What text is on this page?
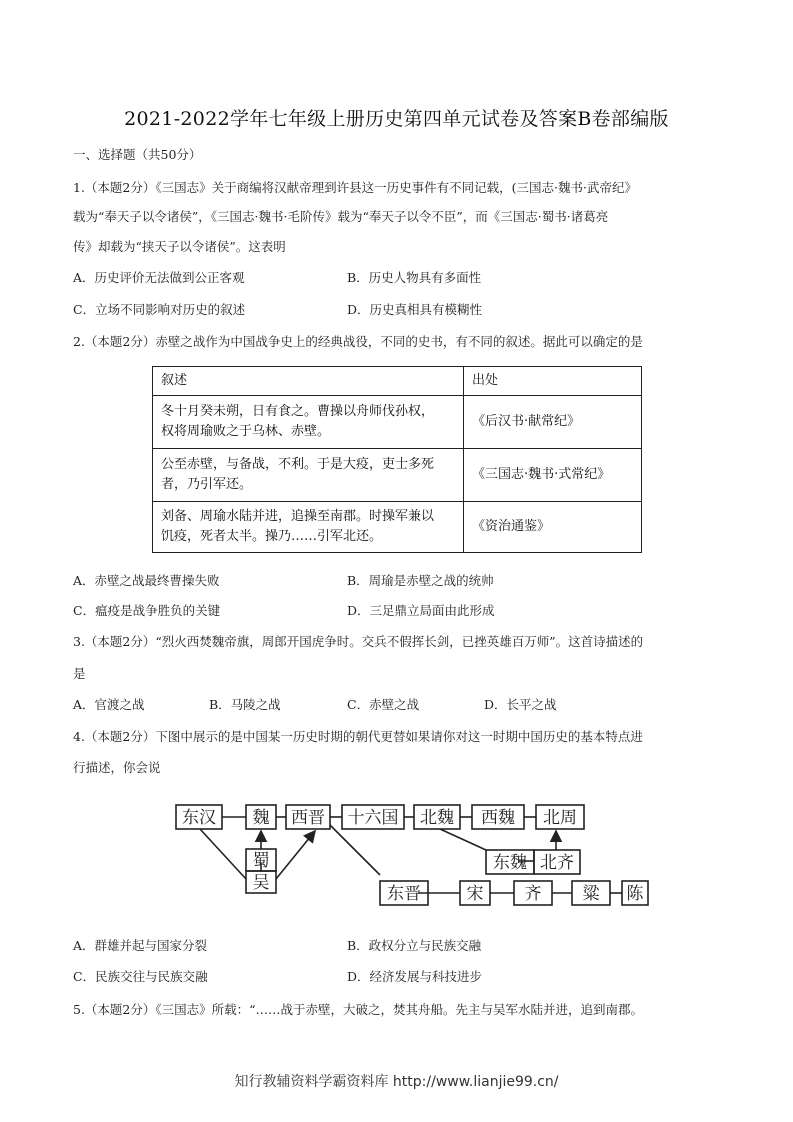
2021-2022学年七年级上册历史第四单元试卷及答案B卷部编版
一、选择题（共50分）
1.（本题2分）《三国志》关于商编将汉献帝理到许县这一历史事件有不同记载，(三国志·魏书·武帝纪》
载为“奉天子以令诸侯”，《三国志·魏书·毛阶传》载为“奉天子以令不臣”，而《三国志·蜀书·诸葛亮
传》却载为“挟天子以令诸侯”。这表明
A．历史评价无法做到公正客观	B．历史人物具有多面性
C．立场不同影响对历史的叙述	D．历史真相具有模糊性
2.（本题2分）赤壁之战作为中国战争史上的经典战役，不同的史书，有不同的叙述。据此可以确定的是
叙述	出处
冬十月癸未朔，日有食之。曹操以舟师伐孙权，
权将周瑜败之于乌林、赤壁。	《后汉书·献常纪》
公至赤壁，与备战，不利。于是大疫，吏士多死
者，乃引军还。	《三国志·魏书·式常纪》
刘备、周瑜水陆并进，追操至南郡。时操军兼以
饥疫，死者太半。操乃……引军北还。	《资治通鉴》
A．赤壁之战最终曹操失败	B．周瑜是赤壁之战的统帅
C．瘟疫是战争胜负的关键	D．三足鼎立局面由此形成
3.（本题2分）“烈火西焚魏帝旗，周郎开国虎争时。交兵不假挥长剑，已挫英雄百万师”。这首诗描述的
是
A．官渡之战	B．马陵之战	C．赤壁之战	D．长平之战
4.（本题2分）下图中展示的是中国某一历史时期的朝代更替如果请你对这一时期中国历史的基本特点进
行描述，你会说
东汉 魏 西晋 十六国 北魏 西魏 北周
蜀
吴
东魏 北齐
东晋	宋 齐 粱 陈
A．群雄并起与国家分裂	B．政权分立与民族交融
C．民族交往与民族交融	D．经济发展与科技进步
5.（本题2分）《三国志》所载：“……战于赤壁，大破之，焚其舟船。先主与吴军水陆并进，追到南郡。
知行教辅资料学霸资料库 http://www.lianjie99.cn/
